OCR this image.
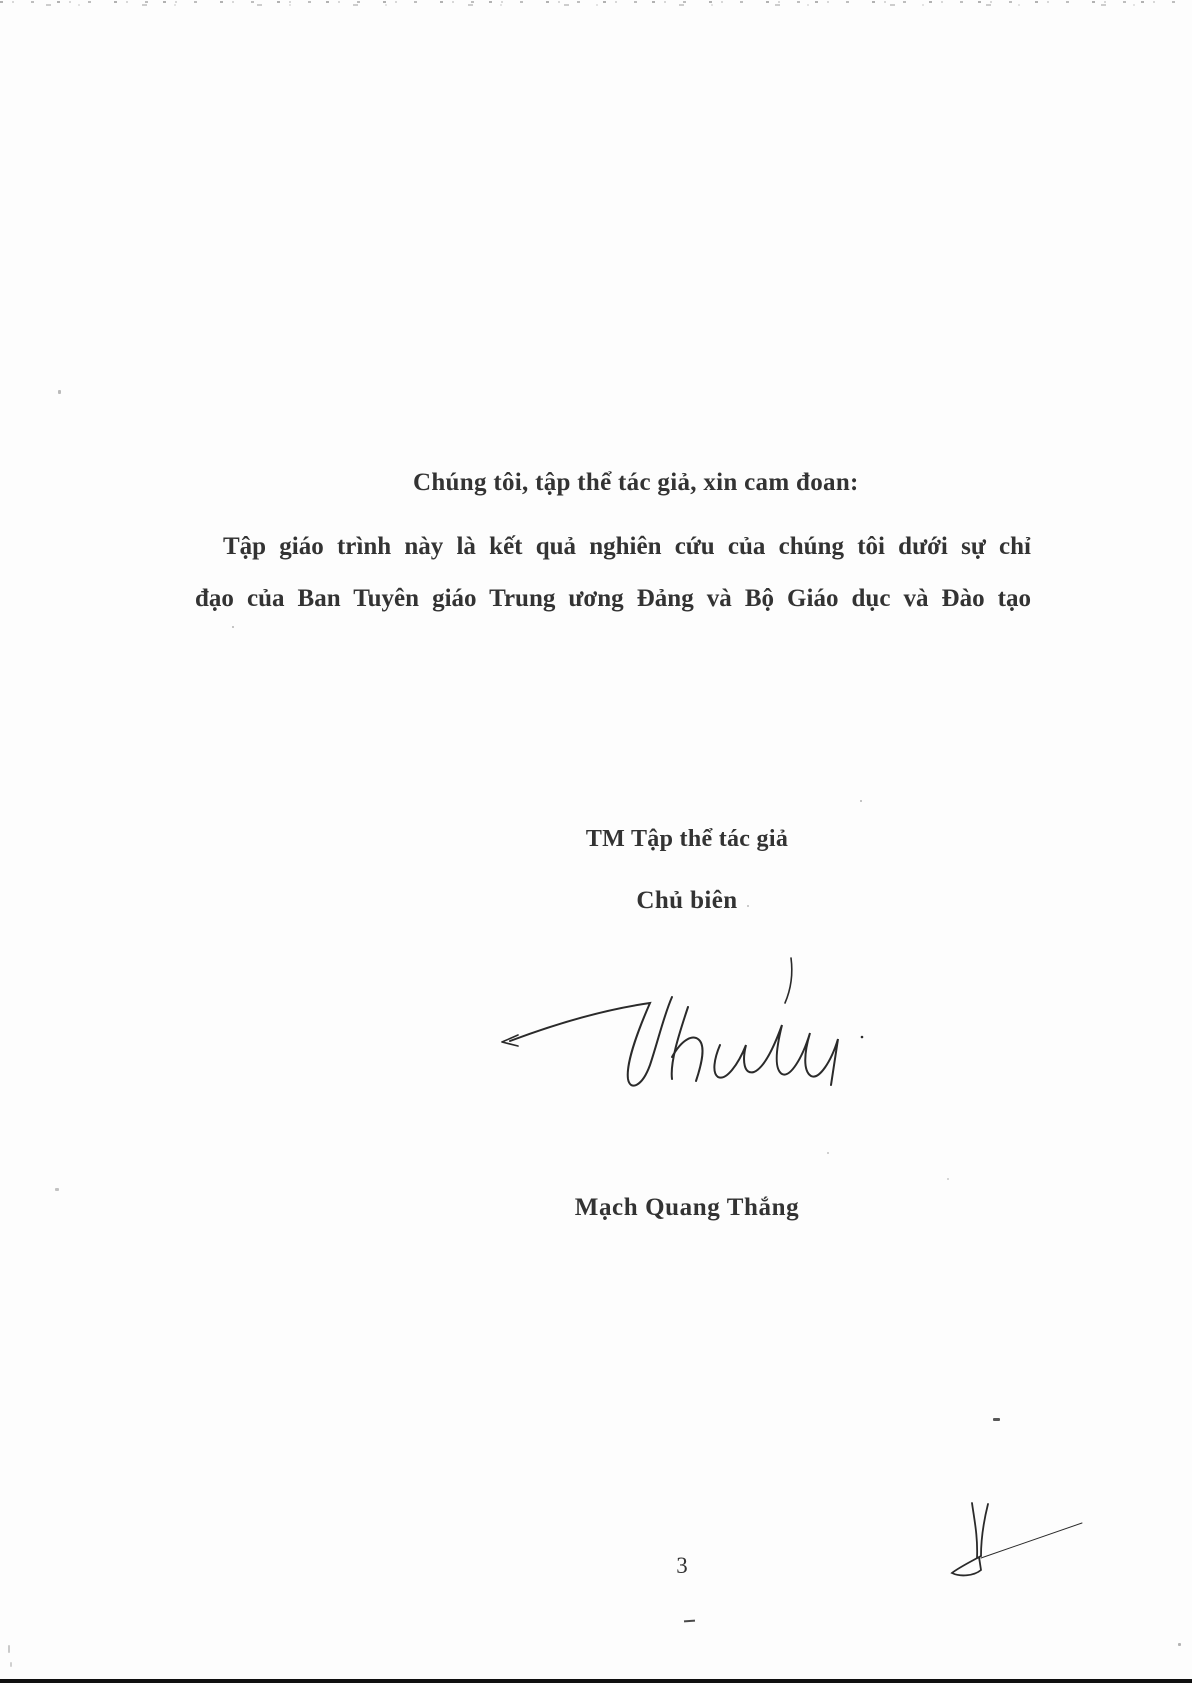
Chúng tôi, tập thể tác giả, xin cam đoan:
Tập giáo trình này là kết quả nghiên cứu của chúng tôi dưới sự chỉ
đạo của Ban Tuyên giáo Trung ương Đảng và Bộ Giáo dục và Đào tạo
TM Tập thể tác giả
Chủ biên
Mạch Quang Thắng
3
